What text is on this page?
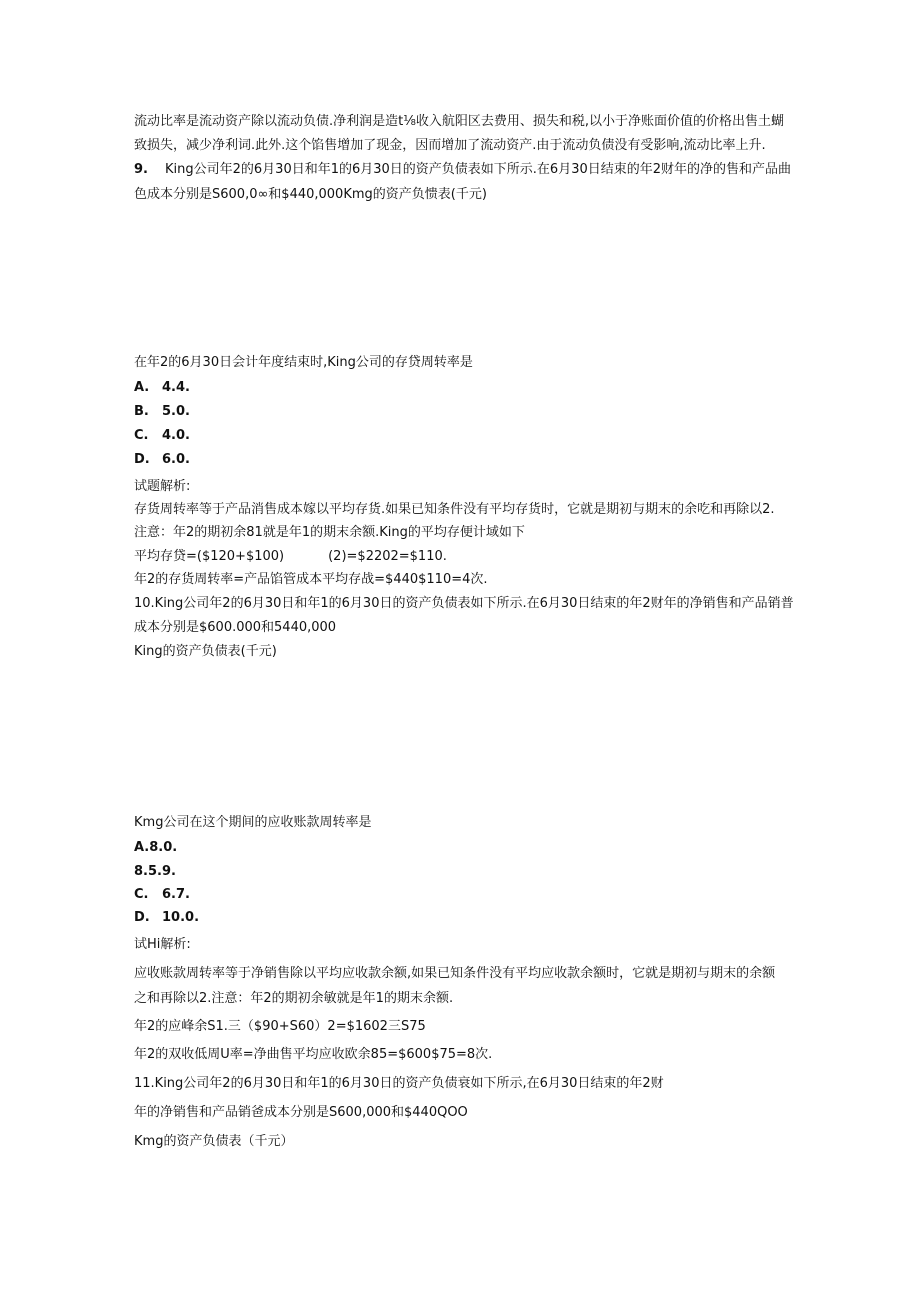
流动比率是流动资产除以流动负债.净利润是造t⅛收入航阳区去费用、损失和税,以小于净账面价值的价格出售土蝴
致损失，减少净利词.此外.这个馅售增加了现金，因而增加了流动资产.由于流动负债没有受影响,流动比率上升.
9. King公司年2的6月30日和年1的6月30日的资产负债表如下所示.在6月30日结束的年2财年的净的售和产品曲
色成本分别是S600,0∞和$440,000Kmg的资产负愦表(千元)
在年2的6月30日会计年度结束时,King公司的存贷周转率是
A. 4.4.
B. 5.0.
C. 4.0.
D. 6.0.
试题解析:
存货周转率等于产品消售成本嫁以平均存货.如果已知条件没有平均存货时，它就是期初与期末的余吃和再除以2.
注意：年2的期初余81就是年1的期末余额.King的平均存便计域如下
平均存贷=($120+$100)	(2)=$2202=$110.
年2的存货周转率=产品馅管成本平均存战=$440$110=4次.
10.King公司年2的6月30日和年1的6月30日的资产负债表如下所示.在6月30日结束的年2财年的净销售和产品销普
成本分别是$600.000和5440,000
King的资产负债表(千元)
Kmg公司在这个期间的应收账款周转率是
A.8.0.
8.5.9.
C. 6.7.
D. 10.0.
试Hi解析:
应收账款周转率等于净销售除以平均应收款余额,如果已知条件没有平均应收款余额时，它就是期初与期末的余额
之和再除以2.注意：年2的期初余敏就是年1的期末余额.
年2的应峰余S1.三（$90+S60）2=$1602三S75
年2的双收低周U率=净曲售平均应收欧余85=$600$75=8次.
11.King公司年2的6月30日和年1的6月30日的资产负债衰如下所示,在6月30日结束的年2财
年的净销售和产品销爸成本分别是S600,000和$440QOO
Kmg的资产负债表（千元）
